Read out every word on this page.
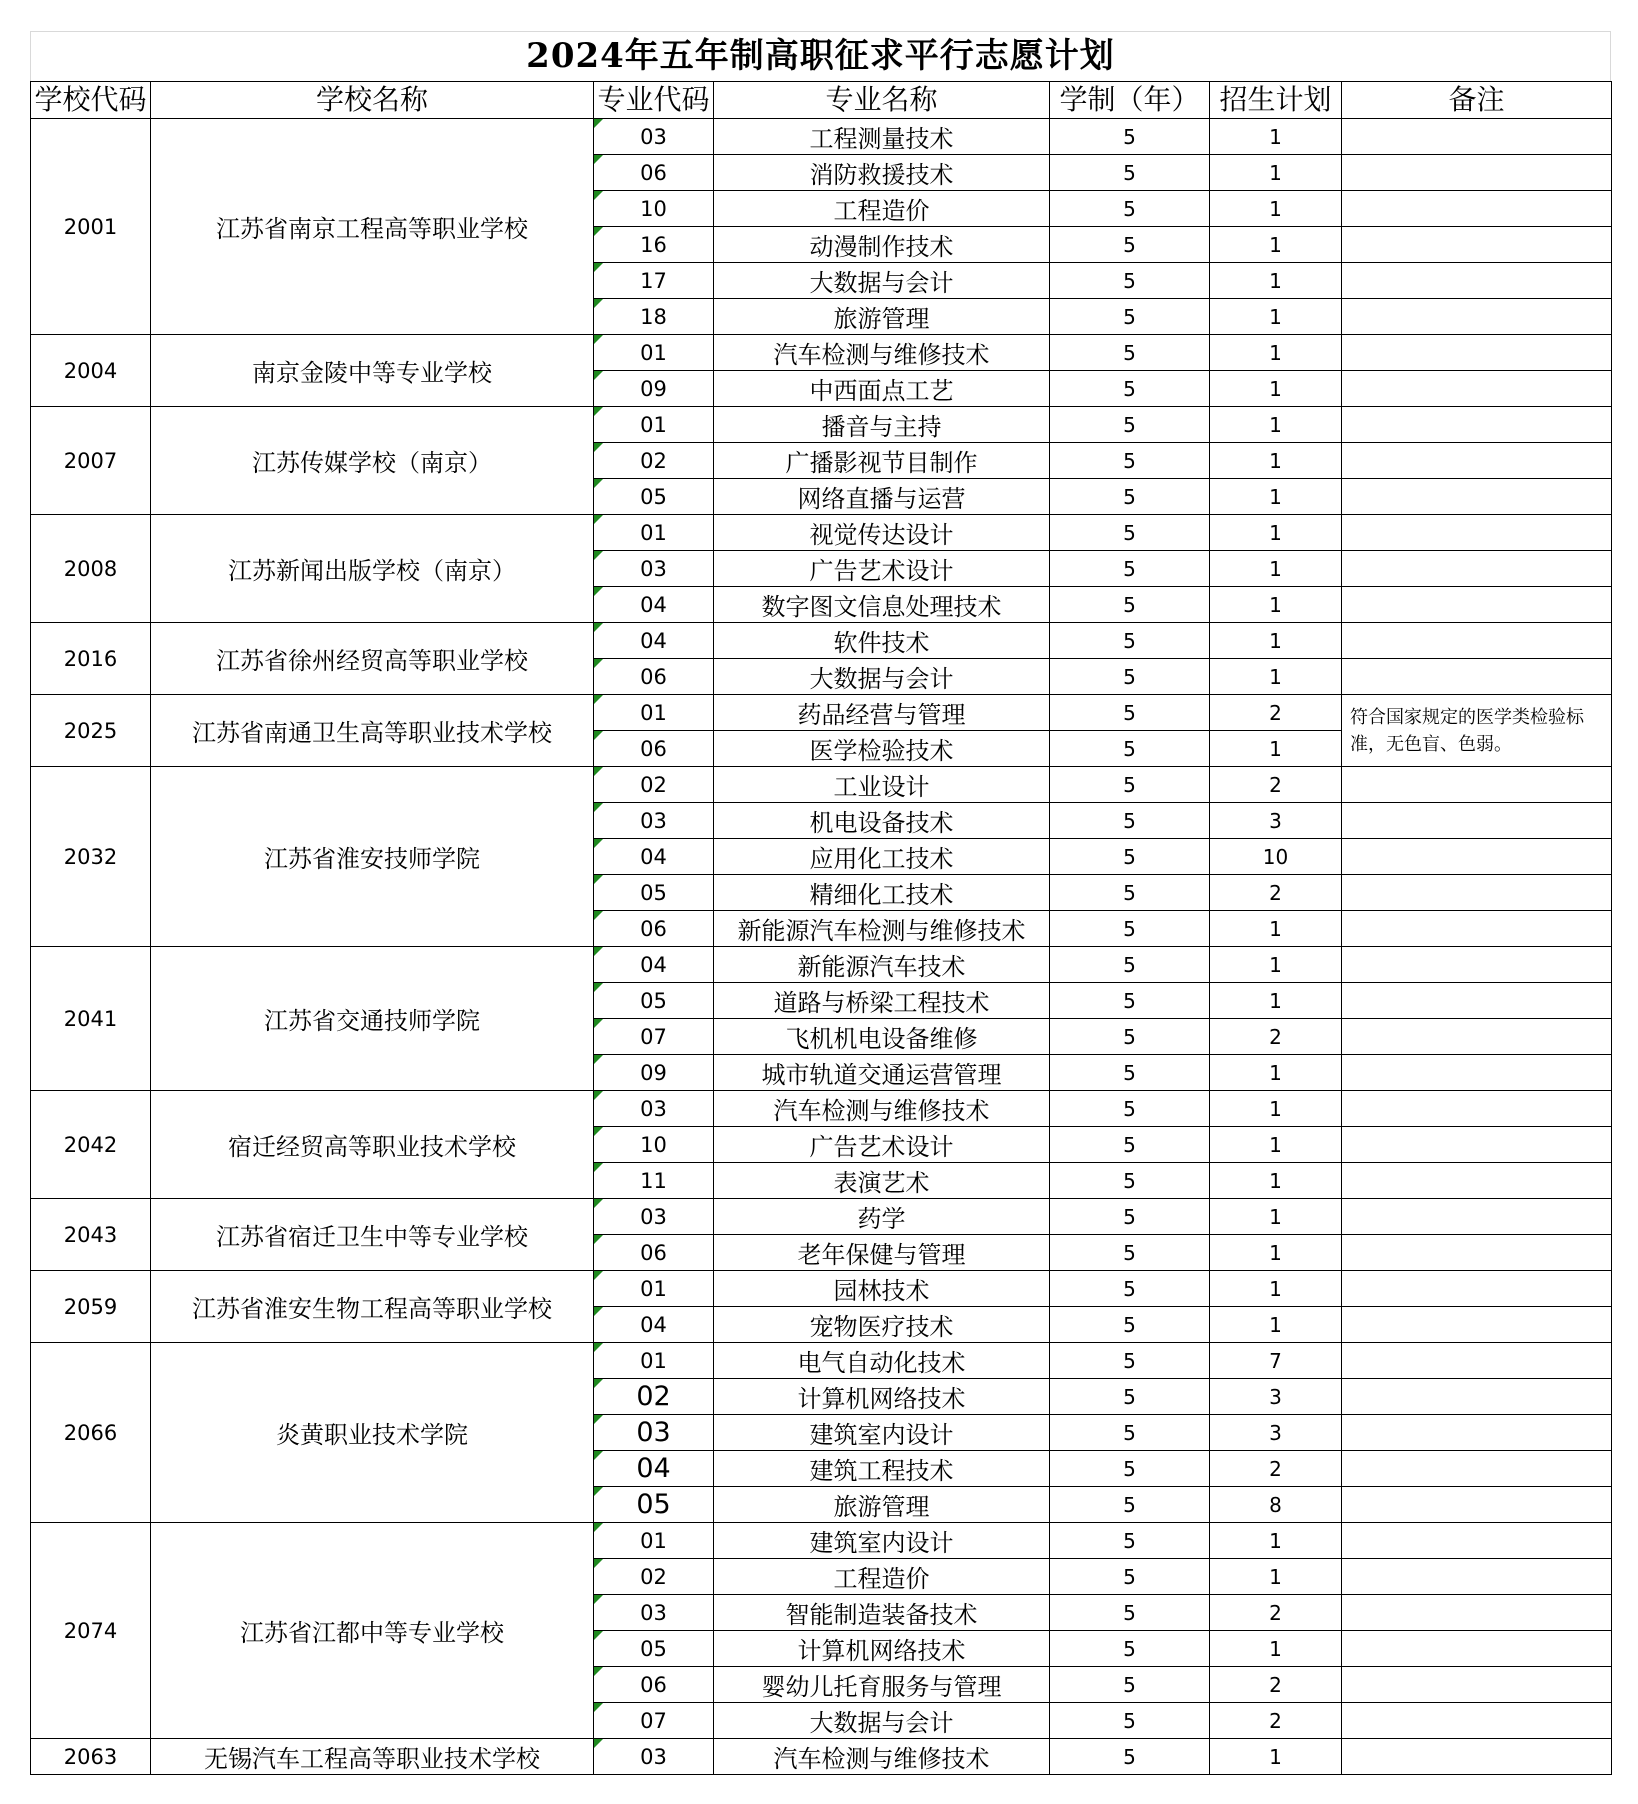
2024年五年制高职征求平行志愿计划
学校代码	学校名称	专业代码	专业名称	学制（年）	招生计划	备注
2001	江苏省南京工程高等职业学校	03	工程测量技术	5	1	
		06	消防救援技术	5	1	
		10	工程造价	5	1	
		16	动漫制作技术	5	1	
		17	大数据与会计	5	1	
		18	旅游管理	5	1	
2004	南京金陵中等专业学校	01	汽车检测与维修技术	5	1	
		09	中西面点工艺	5	1	
2007	江苏传媒学校（南京）	01	播音与主持	5	1	
		02	广播影视节目制作	5	1	
		05	网络直播与运营	5	1	
2008	江苏新闻出版学校（南京）	01	视觉传达设计	5	1	
		03	广告艺术设计	5	1	
		04	数字图文信息处理技术	5	1	
2016	江苏省徐州经贸高等职业学校	04	软件技术	5	1	
		06	大数据与会计	5	1	
2025	江苏省南通卫生高等职业技术学校	01	药品经营与管理	5	2	符合国家规定的医学类检验标准，无色盲、色弱。
		06	医学检验技术	5	1	
2032	江苏省淮安技师学院	02	工业设计	5	2	
		03	机电设备技术	5	3	
		04	应用化工技术	5	10	
		05	精细化工技术	5	2	
		06	新能源汽车检测与维修技术	5	1	
2041	江苏省交通技师学院	04	新能源汽车技术	5	1	
		05	道路与桥梁工程技术	5	1	
		07	飞机机电设备维修	5	2	
		09	城市轨道交通运营管理	5	1	
2042	宿迁经贸高等职业技术学校	03	汽车检测与维修技术	5	1	
		10	广告艺术设计	5	1	
		11	表演艺术	5	1	
2043	江苏省宿迁卫生中等专业学校	03	药学	5	1	
		06	老年保健与管理	5	1	
2059	江苏省淮安生物工程高等职业学校	01	园林技术	5	1	
		04	宠物医疗技术	5	1	
2066	炎黄职业技术学院	01	电气自动化技术	5	7	
		02	计算机网络技术	5	3	
		03	建筑室内设计	5	3	
		04	建筑工程技术	5	2	
		05	旅游管理	5	8	
2074	江苏省江都中等专业学校	01	建筑室内设计	5	1	
		02	工程造价	5	1	
		03	智能制造装备技术	5	2	
		05	计算机网络技术	5	1	
		06	婴幼儿托育服务与管理	5	2	
		07	大数据与会计	5	2	
2063	无锡汽车工程高等职业技术学校	03	汽车检测与维修技术	5	1	
